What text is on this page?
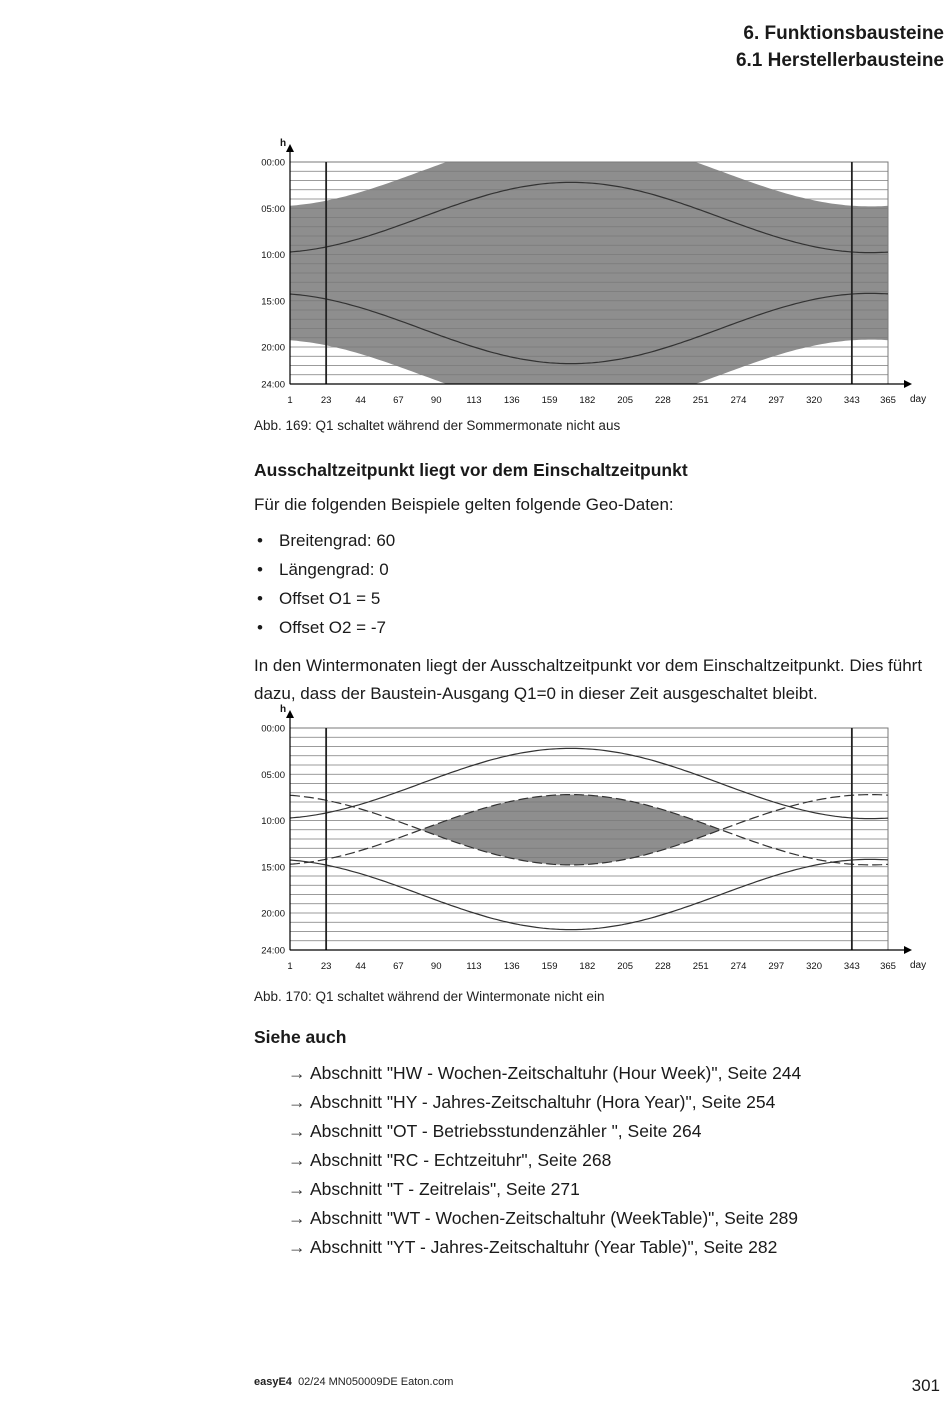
6. Funktionsbausteine
6.1 Herstellerbausteine
h
day
00:00
05:00
10:00
15:00
20:00
24:00
1	23	44	67	90	113 136 159 182 205 228 251 274 297 320 343 365
Abb. 169: Q1 schaltet während der Sommermonate nicht aus
Ausschaltzeitpunkt liegt vor dem Einschaltzeitpunkt
Für die folgenden Beispiele gelten folgende Geo-Daten:
• Breitengrad: 60
• Längengrad: 0
• Offset O1 = 5
• Offset O2 = -7
In den Wintermonaten liegt der Ausschaltzeitpunkt vor dem Einschaltzeitpunkt. Dies führt dazu, dass der Baustein-Ausgang Q1=0 in dieser Zeit ausgeschaltet bleibt.
h
day
00:00
05:00
10:00
15:00
20:00
24:00
1	23	44	67	90	113 136 159 182 205 228 251 274 297 320 343 365
Abb. 170: Q1 schaltet während der Wintermonate nicht ein
Siehe auch
→ Abschnitt "HW - Wochen-Zeitschaltuhr (Hour Week)", Seite 244
→ Abschnitt "HY - Jahres-Zeitschaltuhr (Hora Year)", Seite 254
→ Abschnitt "OT - Betriebsstundenzähler ", Seite 264
→ Abschnitt "RC - Echtzeituhr", Seite 268
→ Abschnitt "T - Zeitrelais", Seite 271
→ Abschnitt "WT - Wochen-Zeitschaltuhr (WeekTable)", Seite 289
→ Abschnitt "YT - Jahres-Zeitschaltuhr (Year Table)", Seite 282
easyE4 02/24 MN050009DE Eaton.com	301
